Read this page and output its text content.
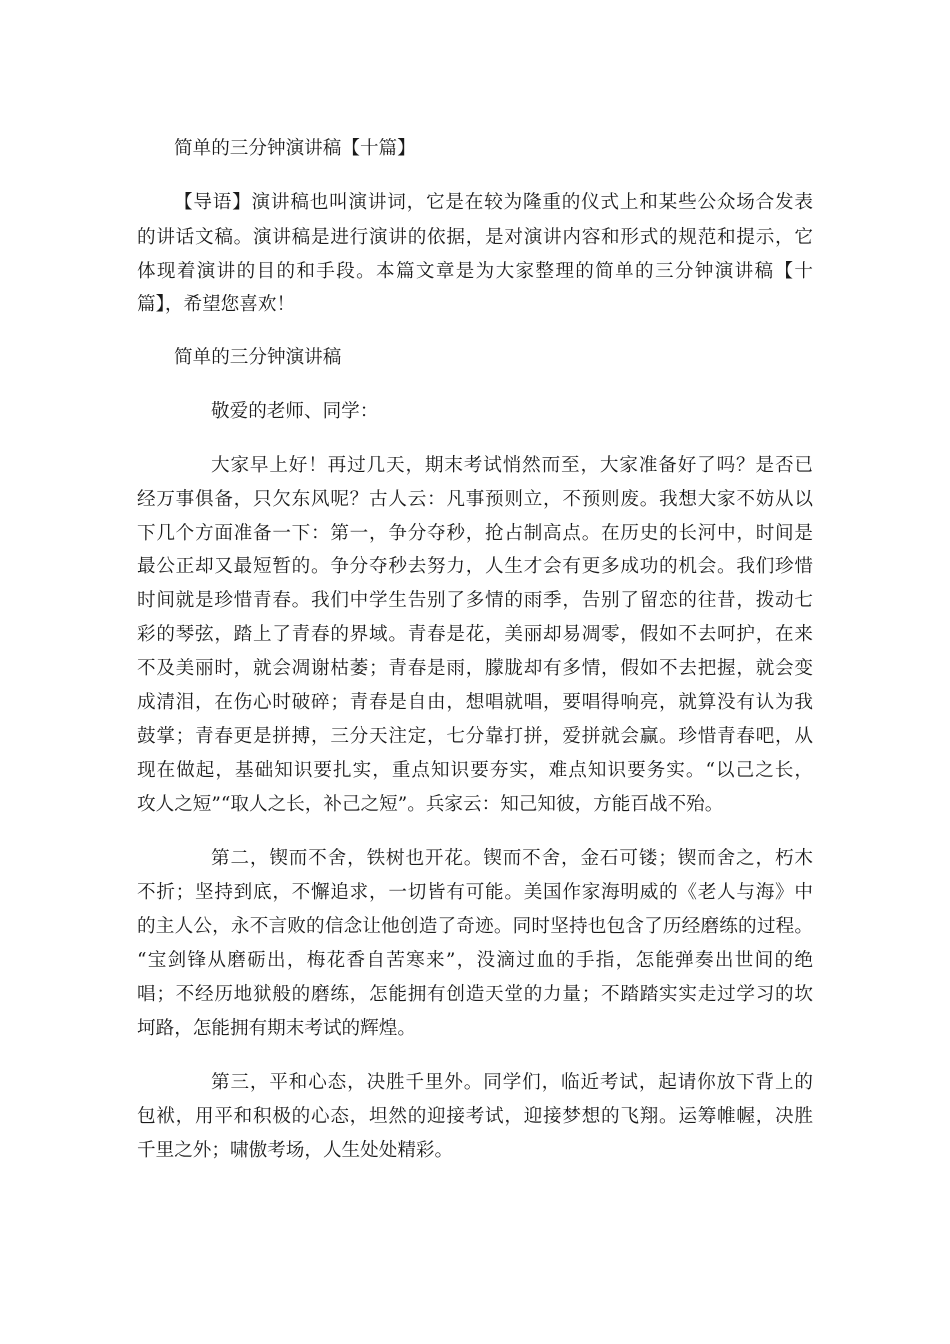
简单的三分钟演讲稿【十篇】

【导语】演讲稿也叫演讲词，它是在较为隆重的仪式上和某些公众场合发表

的讲话文稿。演讲稿是进行演讲的依据，是对演讲内容和形式的规范和提示，它

体现着演讲的目的和手段。本篇文章是为大家整理的简单的三分钟演讲稿【十

篇】，希望您喜欢！

简单的三分钟演讲稿

敬爱的老师、同学：

大家早上好！再过几天，期末考试悄然而至，大家准备好了吗？是否已

经万事俱备，只欠东风呢？古人云：凡事预则立，不预则废。我想大家不妨从以

下几个方面准备一下：第一，争分夺秒，抢占制高点。在历史的长河中，时间是

最公正却又最短暂的。争分夺秒去努力，人生才会有更多成功的机会。我们珍惜

时间就是珍惜青春。我们中学生告别了多情的雨季，告别了留恋的往昔，拨动七

彩的琴弦，踏上了青春的界域。青春是花，美丽却易凋零，假如不去呵护，在来

不及美丽时，就会凋谢枯萎；青春是雨，朦胧却有多情，假如不去把握，就会变

成清泪，在伤心时破碎；青春是自由，想唱就唱，要唱得响亮，就算没有认为我

鼓掌；青春更是拼搏，三分天注定，七分靠打拼，爱拼就会赢。珍惜青春吧，从

现在做起，基础知识要扎实，重点知识要夯实，难点知识要务实。“以己之长，

攻人之短”“取人之长，补己之短”。兵家云：知己知彼，方能百战不殆。

第二，锲而不舍，铁树也开花。锲而不舍，金石可镂；锲而舍之，朽木

不折；坚持到底，不懈追求，一切皆有可能。美国作家海明威的《老人与海》中

的主人公，永不言败的信念让他创造了奇迹。同时坚持也包含了历经磨练的过程。

“宝剑锋从磨砺出，梅花香自苦寒来”，没滴过血的手指，怎能弹奏出世间的绝

唱；不经历地狱般的磨练，怎能拥有创造天堂的力量；不踏踏实实走过学习的坎

坷路，怎能拥有期末考试的辉煌。

第三，平和心态，决胜千里外。同学们，临近考试，起请你放下背上的

包袱，用平和积极的心态，坦然的迎接考试，迎接梦想的飞翔。运筹帷幄，决胜

千里之外；啸傲考场，人生处处精彩。
